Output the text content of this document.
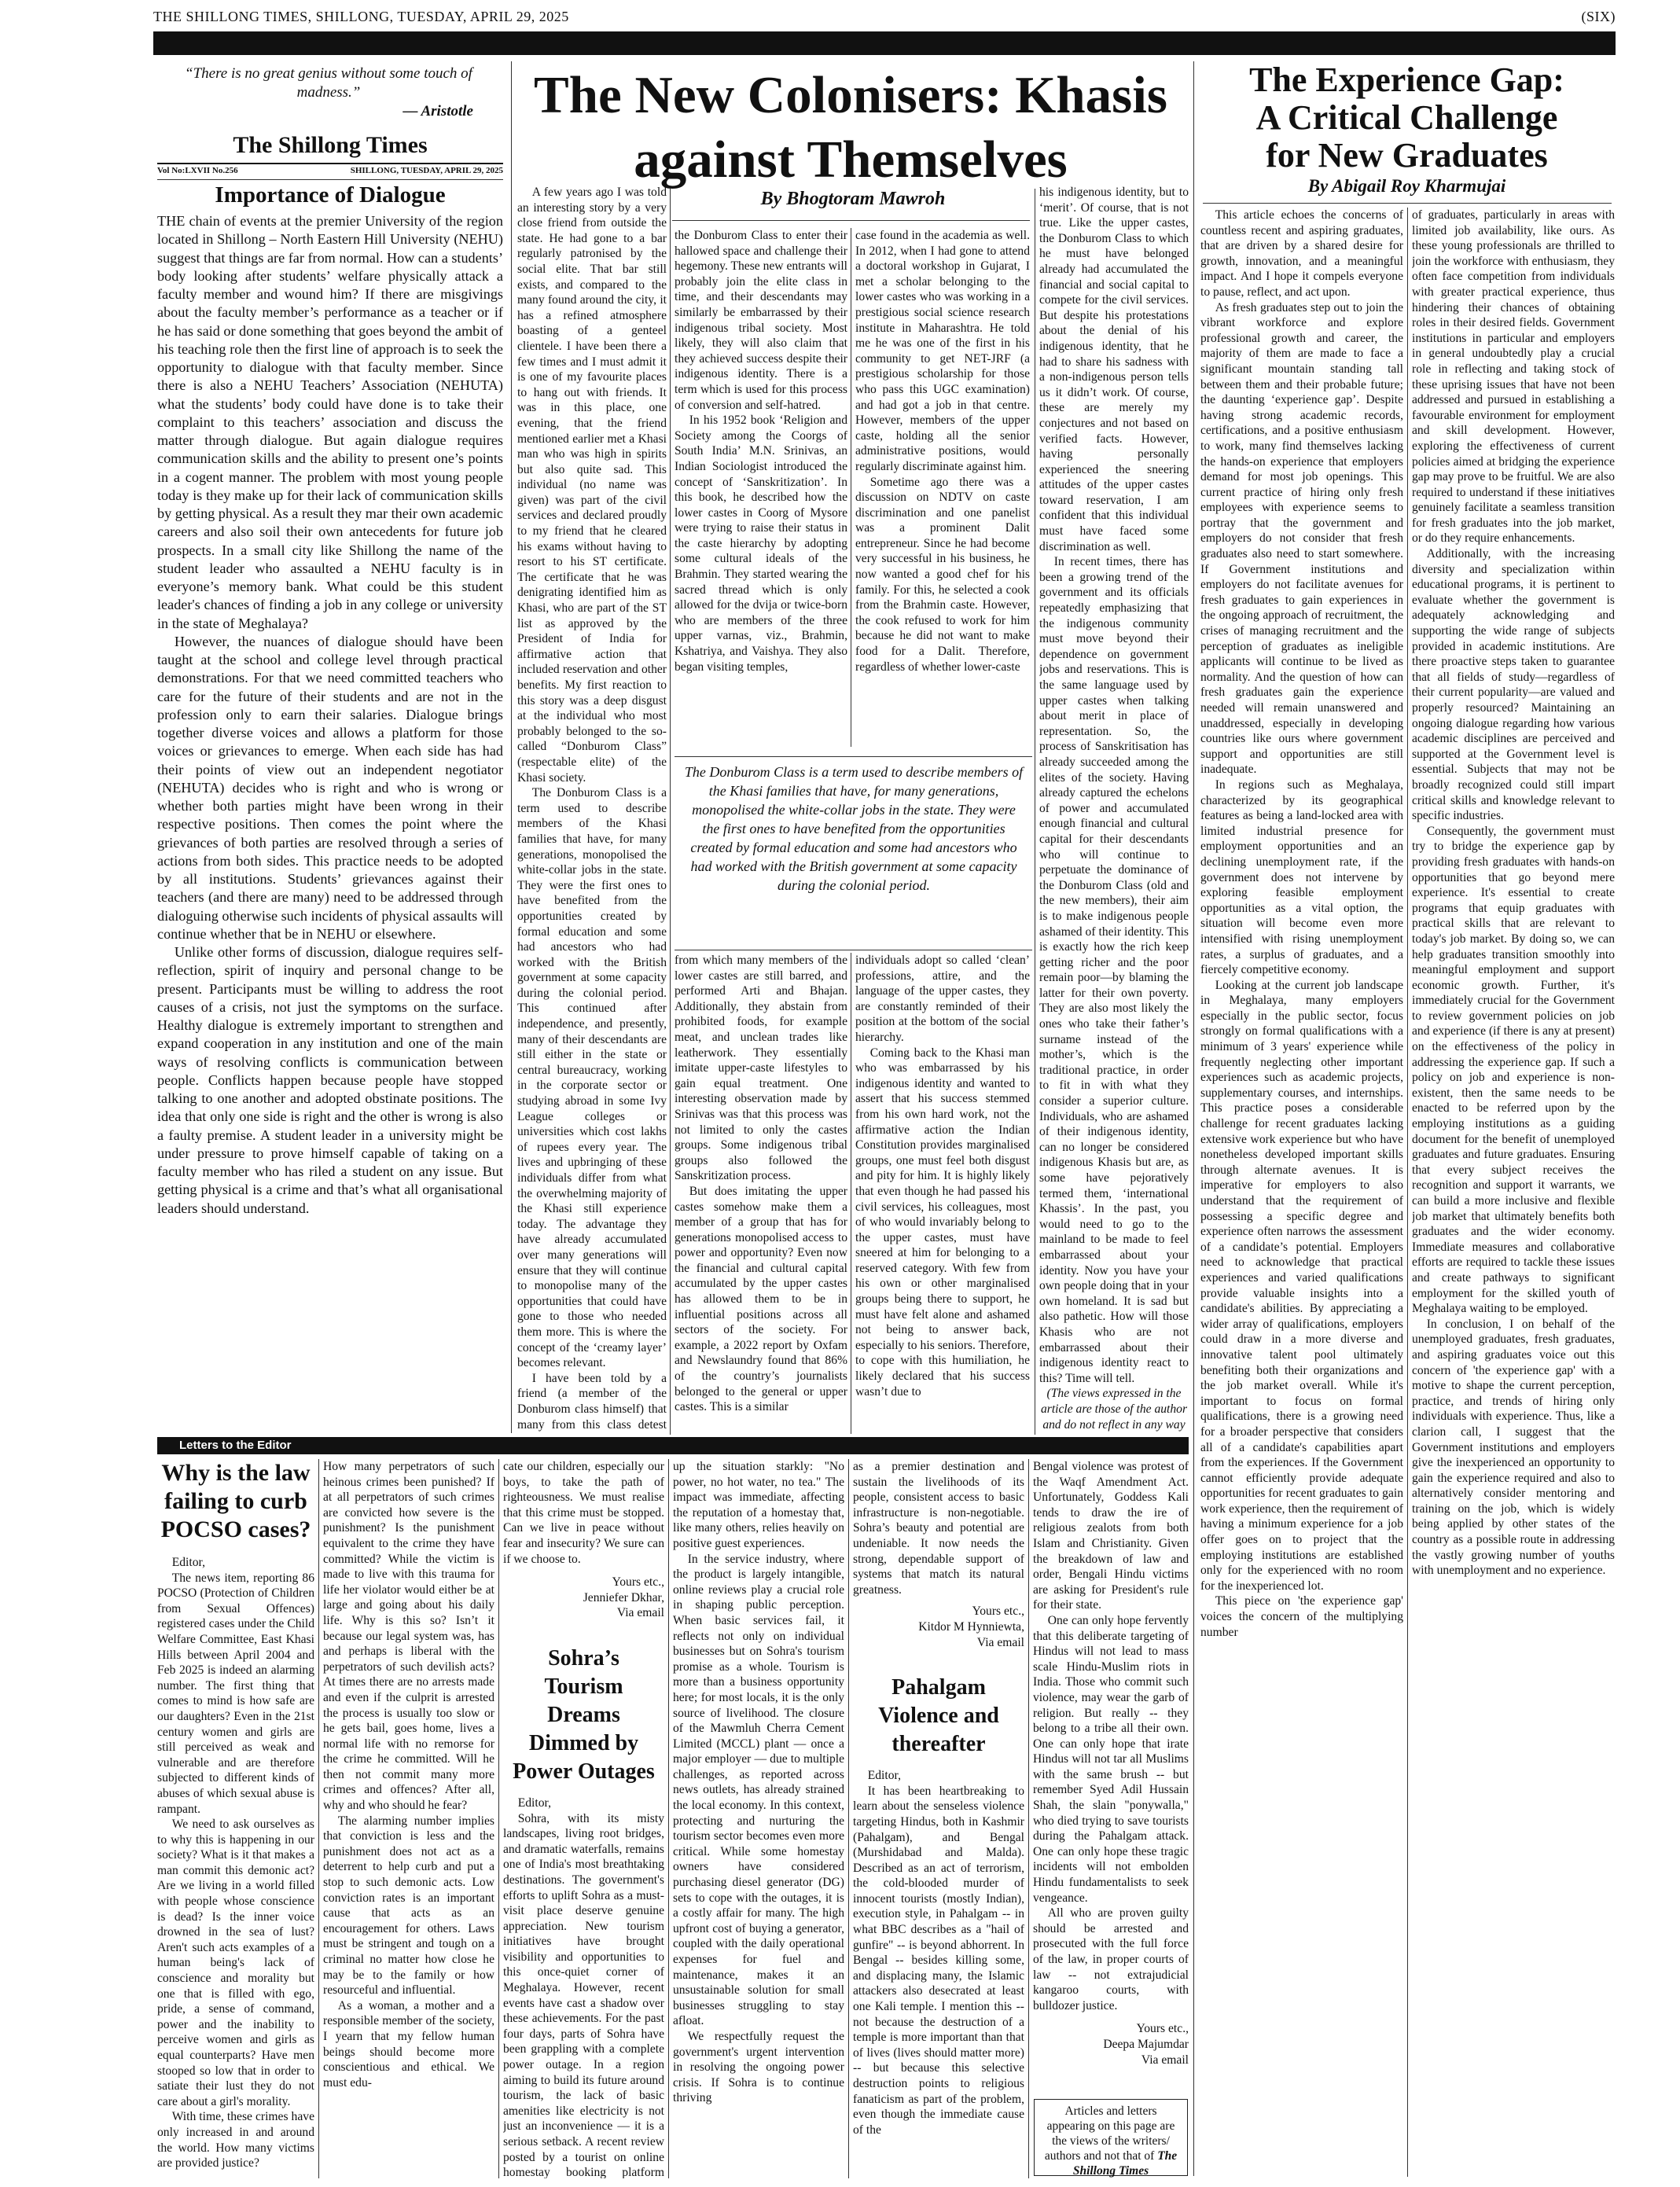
THE SHILLONG TIMES, SHILLONG, TUESDAY, APRIL 29, 2025	(SIX)
“There is no great genius without some touch of madness.”
— Aristotle
The Shillong Times
Vol No:LXVII No.256	SHILLONG, TUESDAY, APRIL 29, 2025
Importance of Dialogue

THE chain of events at the premier University of the region located in Shillong – North Eastern Hill University (NEHU) suggest that things are far from normal. How can a students’ body looking after students’ welfare physically attack a faculty member and wound him? If there are misgivings about the faculty member’s performance as a teacher or if he has said or done something that goes beyond the ambit of his teaching role then the first line of approach is to seek the opportunity to dialogue with that faculty member. Since there is also a NEHU Teachers’ Association (NEHUTA) what the students’ body could have done is to take their complaint to this teachers’ association and discuss the matter through dialogue. But again dialogue requires communication skills and the ability to present one’s points in a cogent manner. The problem with most young people today is they make up for their lack of communication skills by getting physical. As a result they mar their own academic careers and also soil their own antecedents for future job prospects. In a small city like Shillong the name of the student leader who assaulted a NEHU faculty is in everyone’s memory bank. What could be this student leader's chances of finding a job in any college or university in the state of Meghalaya?

However, the nuances of dialogue should have been taught at the school and college level through practical demonstrations. For that we need committed teachers who care for the future of their students and are not in the profession only to earn their salaries. Dialogue brings together diverse voices and allows a platform for those voices or grievances to emerge. When each side has had their points of view out an independent negotiator (NEHUTA) decides who is right and who is wrong or whether both parties might have been wrong in their respective positions. Then comes the point where the grievances of both parties are resolved through a series of actions from both sides. This practice needs to be adopted by all institutions. Students’ grievances against their teachers (and there are many) need to be addressed through dialoguing otherwise such incidents of physical assaults will continue whether that be in NEHU or elsewhere.

Unlike other forms of discussion, dialogue requires self-reflection, spirit of inquiry and personal change to be present. Participants must be willing to address the root causes of a crisis, not just the symptoms on the surface. Healthy dialogue is extremely important to strengthen and expand cooperation in any institution and one of the main ways of resolving conflicts is communication between people. Conflicts happen because people have stopped talking to one another and adopted obstinate positions. The idea that only one side is right and the other is wrong is also a faulty premise. A student leader in a university might be under pressure to prove himself capable of taking on a faculty member who has riled a student on any issue. But getting physical is a crime and that’s what all organisational leaders should understand.

The New Colonisers: Khasis
against Themselves
By Bhogtoram Mawroh

A few years ago I was told an interesting story by a very close friend from outside the state. He had gone to a bar regularly patronised by the social elite. That bar still exists, and compared to the many found around the city, it has a refined atmosphere boasting of a genteel clientele. I have been there a few times and I must admit it is one of my favourite places to hang out with friends. It was in this place, one evening, that the friend mentioned earlier met a Khasi man who was high in spirits but also quite sad. This individual (no name was given) was part of the civil services and declared proudly to my friend that he cleared his exams without having to resort to his ST certificate. The certificate that he was denigrating identified him as Khasi, who are part of the ST list as approved by the President of India for affirmative action that included reservation and other benefits. My first reaction to this story was a deep disgust at the individual who most probably belonged to the so-called “Donburom Class” (respectable elite) of the Khasi society.

The Donburom Class is a term used to describe members of the Khasi families that have, for many generations, monopolised the white-collar jobs in the state. They were the first ones to have benefited from the opportunities created by formal education and some had ancestors who had worked with the British government at some capacity during the colonial period. This continued after independence, and presently, many of their descendants are still either in the state or central bureaucracy, working in the corporate sector or studying abroad in some Ivy League colleges or universities which cost lakhs of rupees every year. The lives and upbringing of these individuals differ from what the overwhelming majority of the Khasi still experience today. The advantage they have already accumulated over many generations will ensure that they will continue to monopolise many of the opportunities that could have gone to those who needed them more. This is where the concept of the ‘creamy layer’ becomes relevant.

I have been told by a friend (a member of the Donburom class himself) that many from this class detest

the Donburom Class to enter their hallowed space and challenge their hegemony. These new entrants will probably join the elite class in time, and their descendants may similarly be embarrassed by their indigenous tribal society. Most likely, they will also claim that they achieved success despite their indigenous identity. There is a term which is used for this process of conversion and self-hatred.

In his 1952 book ‘Religion and Society among the Coorgs of South India’ M.N. Srinivas, an Indian Sociologist introduced the concept of ‘Sanskritization’. In this book, he described how the lower castes in Coorg of Mysore were trying to raise their status in the caste hierarchy by adopting some cultural ideals of the Brahmin. They started wearing the sacred thread which is only allowed for the dvija or twice-born who are members of the three upper varnas, viz., Brahmin, Kshatriya, and Vaishya. They also began visiting temples,

case found in the academia as well. In 2012, when I had gone to attend a doctoral workshop in Gujarat, I met a scholar belonging to the lower castes who was working in a prestigious social science research institute in Maharashtra. He told me he was one of the first in his community to get NET-JRF (a prestigious scholarship for those who pass this UGC examination) and had got a job in that centre. However, members of the upper caste, holding all the senior administrative positions, would regularly discriminate against him.

Sometime ago there was a discussion on NDTV on caste discrimination and one panelist was a prominent Dalit entrepreneur. Since he had become very successful in his business, he now wanted a good chef for his family. For this, he selected a cook from the Brahmin caste. However, the cook refused to work for him because he did not want to make food for a Dalit. Therefore, regardless of whether lower-caste

The Donburom Class is a term used to describe members of the Khasi families that have, for many generations, monopolised the white-collar jobs in the state. They were the first ones to have benefited from the opportunities created by formal education and some had ancestors who had worked with the British government at some capacity during the colonial period.

from which many members of the lower castes are still barred, and performed Arti and Bhajan. Additionally, they abstain from prohibited foods, for example meat, and unclean trades like leatherwork. They essentially imitate upper-caste lifestyles to gain equal treatment. One interesting observation made by Srinivas was that this process was not limited to only the castes groups. Some indigenous tribal groups also followed the Sanskritization process.

But does imitating the upper castes somehow make them a member of a group that has for generations monopolised access to power and opportunity? Even now the financial and cultural capital accumulated by the upper castes has allowed them to be in influential positions across all sectors of the society. For example, a 2022 report by Oxfam and Newslaundry found that 86% of the country’s journalists belonged to the general or upper castes. This is a similar

individuals adopt so called ‘clean’ professions, attire, and the language of the upper castes, they are constantly reminded of their position at the bottom of the social hierarchy.

Coming back to the Khasi man who was embarrassed by his indigenous identity and wanted to assert that his success stemmed from his own hard work, not the affirmative action the Indian Constitution provides marginalised groups, one must feel both disgust and pity for him. It is highly likely that even though he had passed his civil services, his colleagues, most of who would invariably belong to the upper castes, must have sneered at him for belonging to a reserved category. With few from his own or other marginalised groups being there to support, he must have felt alone and ashamed not being to answer back, especially to his seniors. Therefore, to cope with this humiliation, he likely declared that his success wasn’t due to

his indigenous identity, but to ‘merit’. Of course, that is not true. Like the upper castes, the Donburom Class to which he must have belonged already had accumulated the financial and social capital to compete for the civil services. But despite his protestations about the denial of his indigenous identity, that he had to share his sadness with a non-indigenous person tells us it didn’t work. Of course, these are merely my conjectures and not based on verified facts. However, having personally experienced the sneering attitudes of the upper castes toward reservation, I am confident that this individual must have faced some discrimination as well.

In recent times, there has been a growing trend of the government and its officials repeatedly emphasizing that the indigenous community must move beyond their dependence on government jobs and reservations. This is the same language used by upper castes when talking about merit in place of representation. So, the process of Sanskritisation has already succeeded among the elites of the society. Having already captured the echelons of power and accumulated enough financial and cultural capital for their descendants who will continue to perpetuate the dominance of the Donburom Class (old and the new members), their aim is to make indigenous people ashamed of their identity. This is exactly how the rich keep getting richer and the poor remain poor—by blaming the latter for their own poverty. They are also most likely the ones who take their father’s surname instead of the mother’s, which is the traditional practice, in order to fit in with what they consider a superior culture. Individuals, who are ashamed of their indigenous identity, can no longer be considered indigenous Khasis but are, as some have pejoratively termed them, ‘international Khassis’. In the past, you would need to go to the mainland to be made to feel embarrassed about your identity. Now you have your own people doing that in your own homeland. It is sad but also pathetic. How will those Khasis who are not embarrassed about their indigenous identity react to this? Time will tell.

(The views expressed in the article are those of the author and do not reflect in any way

The Experience Gap:
A Critical Challenge
for New Graduates
By Abigail Roy Kharmujai

This article echoes the concerns of countless recent and aspiring graduates, that are driven by a shared desire for growth, innovation, and a meaningful impact. And I hope it compels everyone to pause, reflect, and act upon.

As fresh graduates step out to join the vibrant workforce and explore professional growth and career, the majority of them are made to face a significant mountain standing tall between them and their probable future; the daunting ‘experience gap’. Despite having strong academic records, certifications, and a positive enthusiasm to work, many find themselves lacking the hands-on experience that employers demand for most job openings. This current practice of hiring only fresh employees with experience seems to portray that the government and employers do not consider that fresh graduates also need to start somewhere. If Government institutions and employers do not facilitate avenues for fresh graduates to gain experiences in the ongoing approach of recruitment, the crises of managing recruitment and the perception of graduates as ineligible applicants will continue to be lived as normality. And the question of how can fresh graduates gain the experience needed will remain unanswered and unaddressed, especially in developing countries like ours where government support and opportunities are still inadequate.

In regions such as Meghalaya, characterized by its geographical features as being a land-locked area with limited industrial presence for employment opportunities and an declining unemployment rate, if the government does not intervene by exploring feasible employment opportunities as a vital option, the situation will become even more intensified with rising unemployment rates, a surplus of graduates, and a fiercely competitive economy.

Looking at the current job landscape in Meghalaya, many employers especially in the public sector, focus strongly on formal qualifications with a minimum of 3 years' experience while frequently neglecting other important experiences such as academic projects, supplementary courses, and internships. This practice poses a considerable challenge for recent graduates lacking extensive work experience but who have nonetheless developed important skills through alternate avenues. It is imperative for employers to also understand that the requirement of possessing a specific degree and experience often narrows the assessment of a candidate’s potential. Employers need to acknowledge that practical experiences and varied qualifications provide valuable insights into a candidate's abilities. By appreciating a wider array of qualifications, employers could draw in a more diverse and innovative talent pool ultimately benefiting both their organizations and the job market overall. While it's important to focus on formal qualifications, there is a growing need for a broader perspective that considers all of a candidate's capabilities apart from the experiences. If the Government cannot efficiently provide adequate opportunities for recent graduates to gain work experience, then the requirement of having a minimum experience for a job offer goes on to project that the employing institutions are established only for the experienced with no room for the inexperienced lot.

This piece on 'the experience gap' voices the concern of the multiplying number

of graduates, particularly in areas with limited job availability, like ours. As these young professionals are thrilled to join the workforce with enthusiasm, they often face competition from individuals with greater practical experience, thus hindering their chances of obtaining roles in their desired fields. Government institutions in particular and employers in general undoubtedly play a crucial role in reflecting and taking stock of these uprising issues that have not been addressed and pursued in establishing a favourable environment for employment and skill development. However, exploring the effectiveness of current policies aimed at bridging the experience gap may prove to be fruitful. We are also required to understand if these initiatives genuinely facilitate a seamless transition for fresh graduates into the job market, or do they require enhancements.

Additionally, with the increasing diversity and specialization within educational programs, it is pertinent to evaluate whether the government is adequately acknowledging and supporting the wide range of subjects provided in academic institutions. Are there proactive steps taken to guarantee that all fields of study—regardless of their current popularity—are valued and properly resourced? Maintaining an ongoing dialogue regarding how various academic disciplines are perceived and supported at the Government level is essential. Subjects that may not be broadly recognized could still impart critical skills and knowledge relevant to specific industries.

Consequently, the government must try to bridge the experience gap by providing fresh graduates with hands-on opportunities that go beyond mere experience. It's essential to create programs that equip graduates with practical skills that are relevant to today's job market. By doing so, we can help graduates transition smoothly into meaningful employment and support economic growth. Further, it's immediately crucial for the Government to review government policies on job and experience (if there is any at present) on the effectiveness of the policy in addressing the experience gap. If such a policy on job and experience is non-existent, then the same needs to be enacted to be referred upon by the employing institutions as a guiding document for the benefit of unemployed graduates and future graduates. Ensuring that every subject receives the recognition and support it warrants, we can build a more inclusive and flexible job market that ultimately benefits both graduates and the wider economy. Immediate measures and collaborative efforts are required to tackle these issues and create pathways to significant employment for the skilled youth of Meghalaya waiting to be employed.

In conclusion, I on behalf of the unemployed graduates, fresh graduates, and aspiring graduates voice out this concern of 'the experience gap' with a motive to shape the current perception, practice, and trends of hiring only individuals with experience. Thus, like a clarion call, I suggest that the Government institutions and employers give the inexperienced an opportunity to gain the experience required and also to alternatively consider mentoring and training on the job, which is widely being applied by other states of the country as a possible route in addressing the vastly growing number of youths with unemployment and no experience.

Letters to the Editor
Why is the law failing to curb POCSO cases?

Editor,

The news item, reporting 86 POCSO (Protection of Children from Sexual Offences) registered cases under the Child Welfare Committee, East Khasi Hills between April 2004 and Feb 2025 is indeed an alarming number. The first thing that comes to mind is how safe are our daughters? Even in the 21st century women and girls are still perceived as weak and vulnerable and are therefore subjected to different kinds of abuses of which sexual abuse is rampant.

We need to ask ourselves as to why this is happening in our society? What is it that makes a man commit this demonic act? Are we living in a world filled with people whose conscience is dead? Is the inner voice drowned in the sea of lust? Aren't such acts examples of a human being's lack of conscience and morality but one that is filled with ego, pride, a sense of command, power and the inability to perceive women and girls as equal counterparts? Have men stooped so low that in order to satiate their lust they do not care about a girl's morality.

With time, these crimes have only increased in and around the world. How many victims are provided justice?

How many perpetrators of such heinous crimes been punished? If at all perpetrators of such crimes are convicted how severe is the punishment? Is the punishment equivalent to the crime they have committed? While the victim is made to live with this trauma for life her violator would either be at large and going about his daily life. Why is this so? Isn’t it because our legal system was, has and perhaps is liberal with the perpetrators of such devilish acts? At times there are no arrests made and even if the culprit is arrested the process is usually too slow or he gets bail, goes home, lives a normal life with no remorse for the crime he committed. Will he then not commit many more crimes and offences? After all, why and who should he fear?

The alarming number implies that conviction is less and the punishment does not act as a deterrent to help curb and put a stop to such demonic acts. Low conviction rates is an important cause that acts as an encouragement for others. Laws must be stringent and tough on a criminal no matter how close he may be to the family or how resourceful and influential.

As a woman, a mother and a responsible member of the society, I yearn that my fellow human beings should become more conscientious and ethical. We must edu-

cate our children, especially our boys, to take the path of righteousness. We must realise that this crime must be stopped. Can we live in peace without fear and insecurity? We sure can if we choose to.

Yours etc.,
Jenniefer Dkhar,
Via email
Sohra’s Tourism Dreams Dimmed by Power Outages

Editor,

Sohra, with its misty landscapes, living root bridges, and dramatic waterfalls, remains one of India's most breathtaking destinations. The government's efforts to uplift Sohra as a must-visit place deserve genuine appreciation. New tourism initiatives have brought visibility and opportunities to this once-quiet corner of Meghalaya. However, recent events have cast a shadow over these achievements. For the past four days, parts of Sohra have been grappling with a complete power outage. In a region aiming to build its future around tourism, the lack of basic amenities like electricity is not just an inconvenience — it is a serious setback. A recent review posted by a tourist on online homestay booking platform

up the situation starkly: "No power, no hot water, no tea." The impact was immediate, affecting the reputation of a homestay that, like many others, relies heavily on positive guest experiences.

In the service industry, where the product is largely intangible, online reviews play a crucial role in shaping public perception. When basic services fail, it reflects not only on individual businesses but on Sohra's tourism promise as a whole. Tourism is more than a business opportunity here; for most locals, it is the only source of livelihood. The closure of the Mawmluh Cherra Cement Limited (MCCL) plant — once a major employer — due to multiple challenges, as reported across news outlets, has already strained the local economy. In this context, protecting and nurturing the tourism sector becomes even more critical. While some homestay owners have considered purchasing diesel generator (DG) sets to cope with the outages, it is a costly affair for many. The high upfront cost of buying a generator, coupled with the daily operational expenses for fuel and maintenance, makes it an unsustainable solution for small businesses struggling to stay afloat.

We respectfully request the government's urgent intervention in resolving the ongoing power crisis. If Sohra is to continue thriving

as a premier destination and sustain the livelihoods of its people, consistent access to basic infrastructure is non-negotiable. Sohra’s beauty and potential are undeniable. It now needs the strong, dependable support of systems that match its natural greatness.

Yours etc.,
Kitdor M Hynniewta,
Via email
Pahalgam Violence and thereafter

Editor,

It has been heartbreaking to learn about the senseless violence targeting Hindus, both in Kashmir (Pahalgam), and Bengal (Murshidabad and Malda). Described as an act of terrorism, the cold-blooded murder of innocent tourists (mostly Indian), execution style, in Pahalgam -- in what BBC describes as a "hail of gunfire" -- is beyond abhorrent. In Bengal -- besides killing some, and displacing many, the Islamic attackers also desecrated at least one Kali temple. I mention this -- not because the destruction of a temple is more important than that of lives (lives should matter more) -- but because this selective destruction points to religious fanaticism as part of the problem, even though the immediate cause of the

Bengal violence was protest of the Waqf Amendment Act. Unfortunately, Goddess Kali tends to draw the ire of religious zealots from both Islam and Christianity. Given the breakdown of law and order, Bengali Hindu victims are asking for President's rule for their state.

One can only hope fervently that this deliberate targeting of Hindus will not lead to mass scale Hindu-Muslim riots in India. Those who commit such violence, may wear the garb of religion. But really -- they belong to a tribe all their own. One can only hope that irate Hindus will not tar all Muslims with the same brush -- but remember Syed Adil Hussain Shah, the slain "ponywalla," who died trying to save tourists during the Pahalgam attack. One can only hope these tragic incidents will not embolden Hindu fundamentalists to seek vengeance.

All who are proven guilty should be arrested and prosecuted with the full force of the law, in proper courts of law -- not extrajudicial kangaroo courts, with bulldozer justice.

Yours etc.,
Deepa Majumdar
Via email
Articles and letters appearing on this page are the views of the writers/ authors and not that of The Shillong Times
